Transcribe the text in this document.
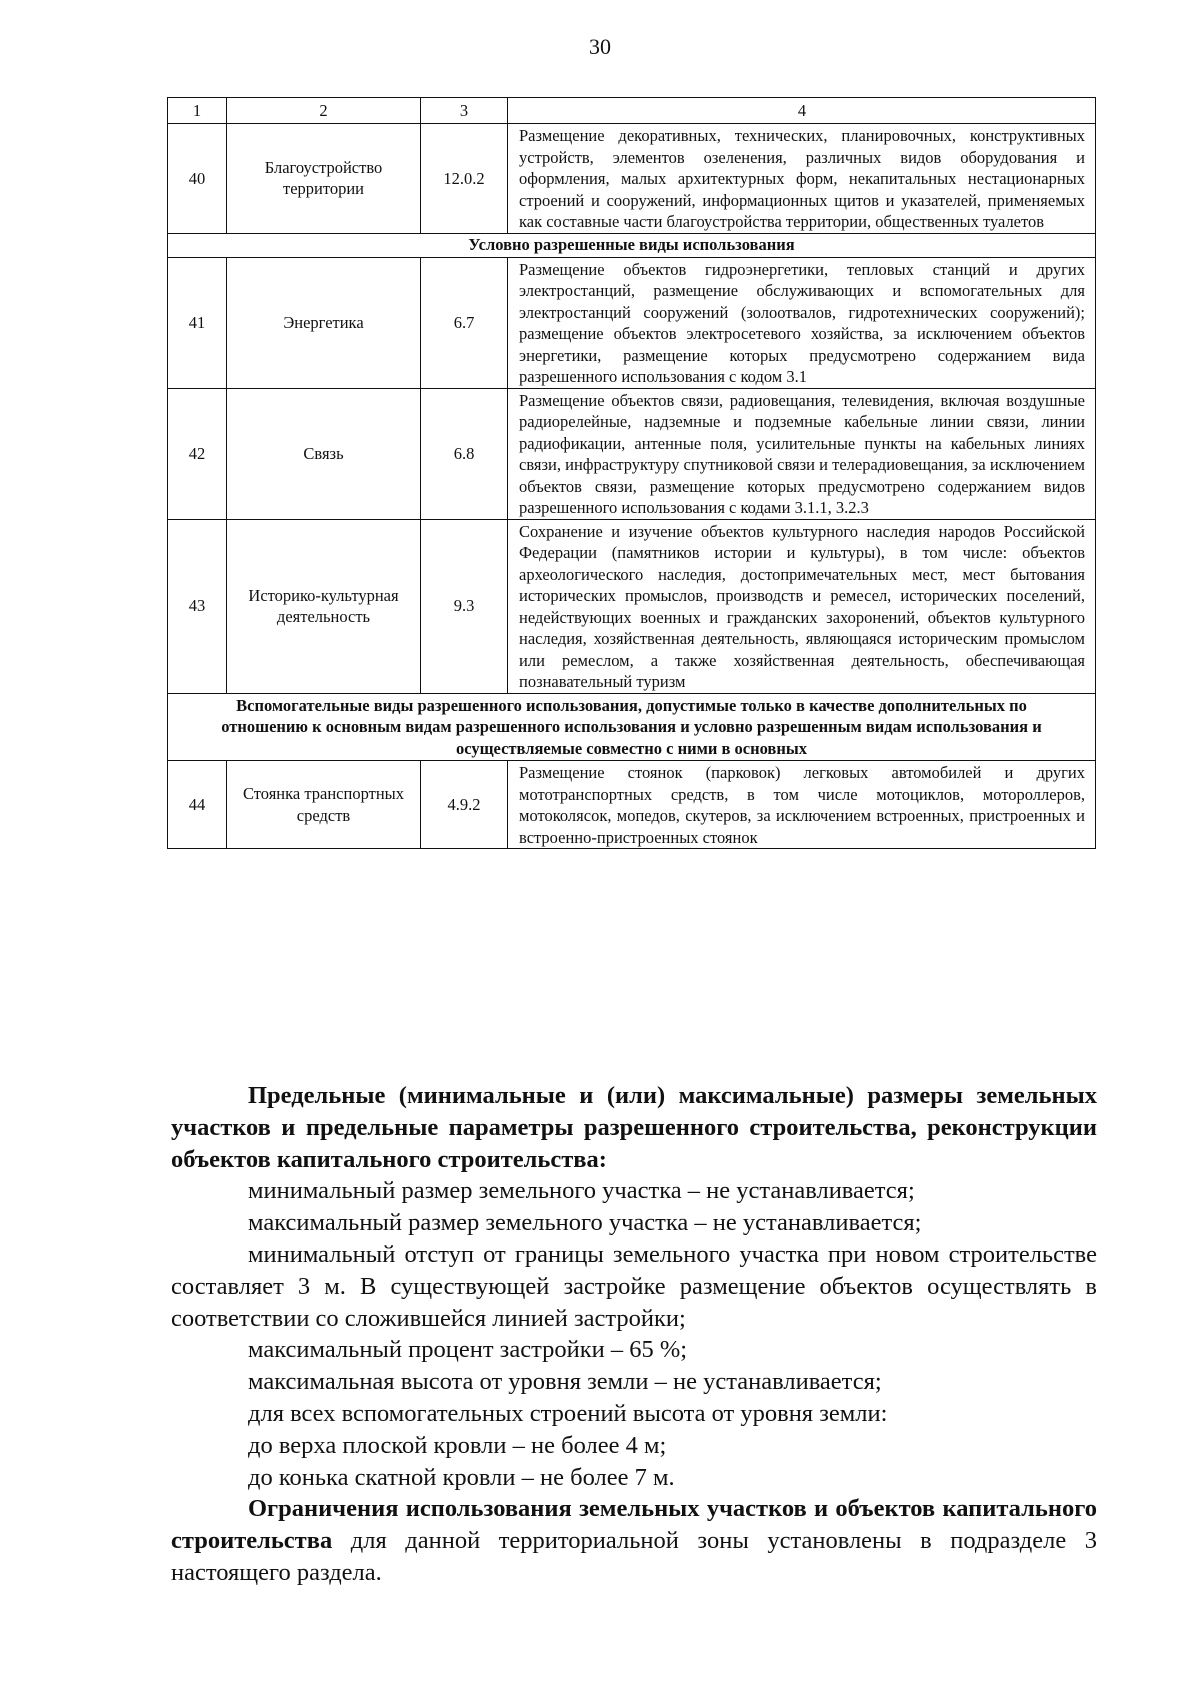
30
1	2	3	4
40	Благоустройство территории	12.0.2	Размещение декоративных, технических, планировочных, конструктивных устройств, элементов озеленения, различных видов оборудования и оформления, малых архитектурных форм, некапитальных нестационарных строений и сооружений, информационных щитов и указателей, применяемых как составные части благоустройства территории, общественных туалетов
Условно разрешенные виды использования			
41	Энергетика	6.7	Размещение объектов гидроэнергетики, тепловых станций и других электростанций, размещение обслуживающих и вспомогательных для электростанций сооружений (золоотвалов, гидротехнических сооружений); размещение объектов электросетевого хозяйства, за исключением объектов энергетики, размещение которых предусмотрено содержанием вида разрешенного использования с кодом 3.1
42	Связь	6.8	Размещение объектов связи, радиовещания, телевидения, включая воздушные радиорелейные, надземные и подземные кабельные линии связи, линии радиофикации, антенные поля, усилительные пункты на кабельных линиях связи, инфраструктуру спутниковой связи и телерадиовещания, за исключением объектов связи, размещение которых предусмотрено содержанием видов разрешенного использования с кодами 3.1.1, 3.2.3
43	Историко-культурная деятельность	9.3	Сохранение и изучение объектов культурного наследия народов Российской Федерации (памятников истории и культуры), в том числе: объектов археологического наследия, достопримечательных мест, мест бытования исторических промыслов, производств и ремесел, исторических поселений, недействующих военных и гражданских захоронений, объектов культурного наследия, хозяйственная деятельность, являющаяся историческим промыслом или ремеслом, а также хозяйственная деятельность, обеспечивающая познавательный туризм
Вспомогательные виды разрешенного использования, допустимые только в качестве дополнительных по отношению к основным видам разрешенного использования и условно разрешенным видам использования и осуществляемые совместно с ними в основных			
44	Стоянка транспортных средств	4.9.2	Размещение стоянок (парковок) легковых автомобилей и других мототранспортных средств, в том числе мотоциклов, мотороллеров, мотоколясок, мопедов, скутеров, за исключением встроенных, пристроенных и встроенно-пристроенных стоянок

Предельные (минимальные и (или) максимальные) размеры земельных участков и предельные параметры разрешенного строительства, реконструкции объектов капитального строительства:

минимальный размер земельного участка – не устанавливается;

максимальный размер земельного участка – не устанавливается;

минимальный отступ от границы земельного участка при новом строительстве составляет 3 м. В существующей застройке размещение объектов осуществлять в соответствии со сложившейся линией застройки;

максимальный процент застройки – 65 %;

максимальная высота от уровня земли – не устанавливается;

для всех вспомогательных строений высота от уровня земли:

до верха плоской кровли – не более 4 м;

до конька скатной кровли – не более 7 м.

Ограничения использования земельных участков и объектов капитального строительства для данной территориальной зоны установлены в подразделе 3 настоящего раздела.
